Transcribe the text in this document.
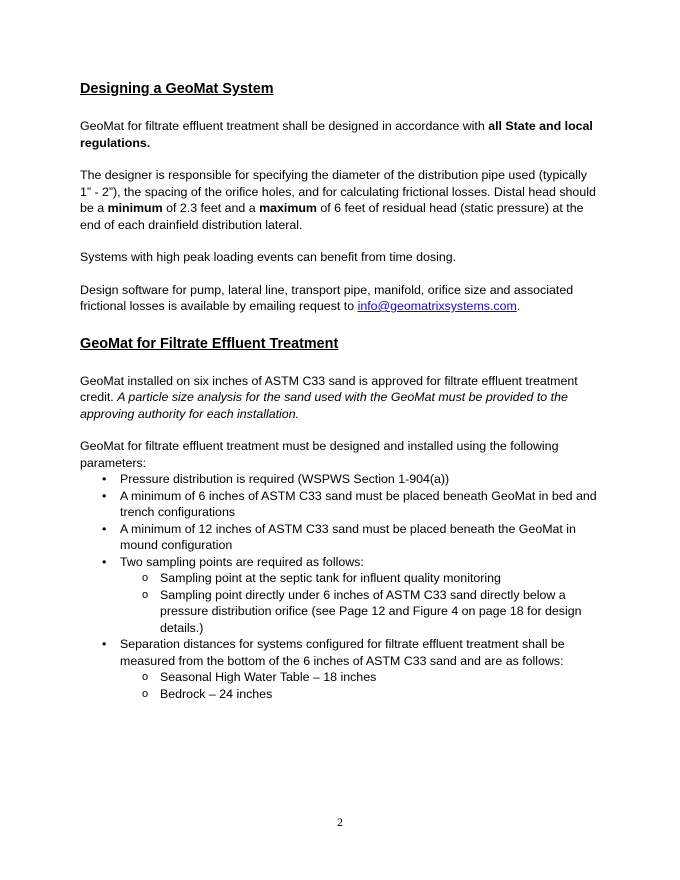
Designing a GeoMat System

GeoMat for filtrate effluent treatment shall be designed in accordance with all State and local regulations.

The designer is responsible for specifying the diameter of the distribution pipe used (typically 1” - 2”), the spacing of the orifice holes, and for calculating frictional losses. Distal head should be a minimum of 2.3 feet and a maximum of 6 feet of residual head (static pressure) at the end of each drainfield distribution lateral.

Systems with high peak loading events can benefit from time dosing.

Design software for pump, lateral line, transport pipe, manifold, orifice size and associated frictional losses is available by emailing request to info@geomatrixsystems.com.

GeoMat for Filtrate Effluent Treatment

GeoMat installed on six inches of ASTM C33 sand is approved for filtrate effluent treatment credit. A particle size analysis for the sand used with the GeoMat must be provided to the approving authority for each installation.

GeoMat for filtrate effluent treatment must be designed and installed using the following parameters:

• Pressure distribution is required (WSPWS Section 1-904(a))
• A minimum of 6 inches of ASTM C33 sand must be placed beneath GeoMat in bed and trench configurations
• A minimum of 12 inches of ASTM C33 sand must be placed beneath the GeoMat in mound configuration
• Two sampling points are required as follows:
o Sampling point at the septic tank for influent quality monitoring
o Sampling point directly under 6 inches of ASTM C33 sand directly below a pressure distribution orifice (see Page 12 and Figure 4 on page 18 for design details.)
• Separation distances for systems configured for filtrate effluent treatment shall be measured from the bottom of the 6 inches of ASTM C33 sand and are as follows:
o Seasonal High Water Table – 18 inches
o Bedrock – 24 inches
2
